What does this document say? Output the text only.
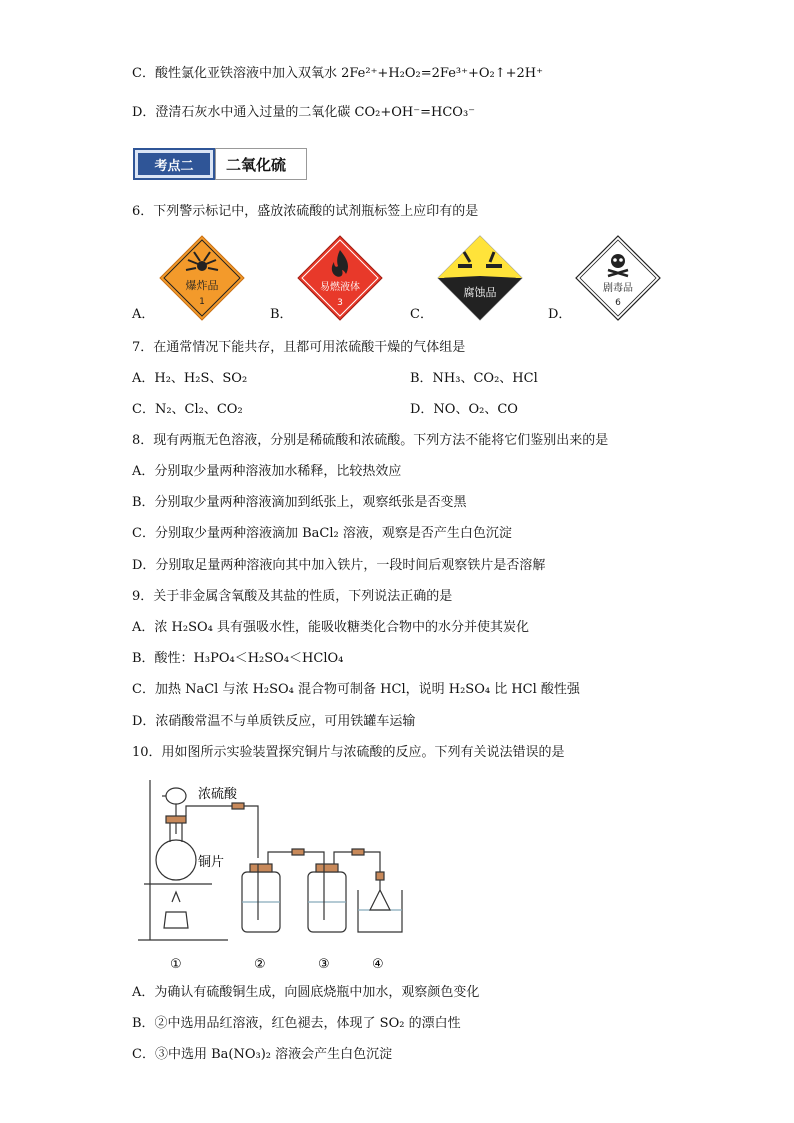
C．酸性氯化亚铁溶液中加入双氧水 2Fe²⁺+H₂O₂=2Fe³⁺+O₂↑+2H⁺
D．澄清石灰水中通入过量的二氧化碳 CO₂+OH⁻=HCO₃⁻
考点二	二氧化硫
6．下列警示标记中，盛放浓硫酸的试剂瓶标签上应印有的是
A．
爆炸品
1
B．
易燃液体
3
C．
腐蚀品
D．
剧毒品
6
7．在通常情况下能共存，且都可用浓硫酸干燥的气体组是
A．H₂、H₂S、SO₂	B．NH₃、CO₂、HCl
C．N₂、Cl₂、CO₂	D．NO、O₂、CO
8．现有两瓶无色溶液，分别是稀硫酸和浓硫酸。下列方法不能将它们鉴别出来的是
A．分别取少量两种溶液加水稀释，比较热效应
B．分别取少量两种溶液滴加到纸张上，观察纸张是否变黑
C．分别取少量两种溶液滴加 BaCl₂ 溶液，观察是否产生白色沉淀
D．分别取足量两种溶液向其中加入铁片，一段时间后观察铁片是否溶解
9．关于非金属含氧酸及其盐的性质，下列说法正确的是
A．浓 H₂SO₄ 具有强吸水性，能吸收糖类化合物中的水分并使其炭化
B．酸性：H₃PO₄＜H₂SO₄＜HClO₄
C．加热 NaCl 与浓 H₂SO₄ 混合物可制备 HCl，说明 H₂SO₄ 比 HCl 酸性强
D．浓硝酸常温不与单质铁反应，可用铁罐车运输
10．用如图所示实验装置探究铜片与浓硫酸的反应。下列有关说法错误的是
浓硫酸
铜片
①	②	③	④
A．为确认有硫酸铜生成，向圆底烧瓶中加水，观察颜色变化
B．②中选用品红溶液，红色褪去，体现了 SO₂ 的漂白性
C．③中选用 Ba(NO₃)₂ 溶液会产生白色沉淀
